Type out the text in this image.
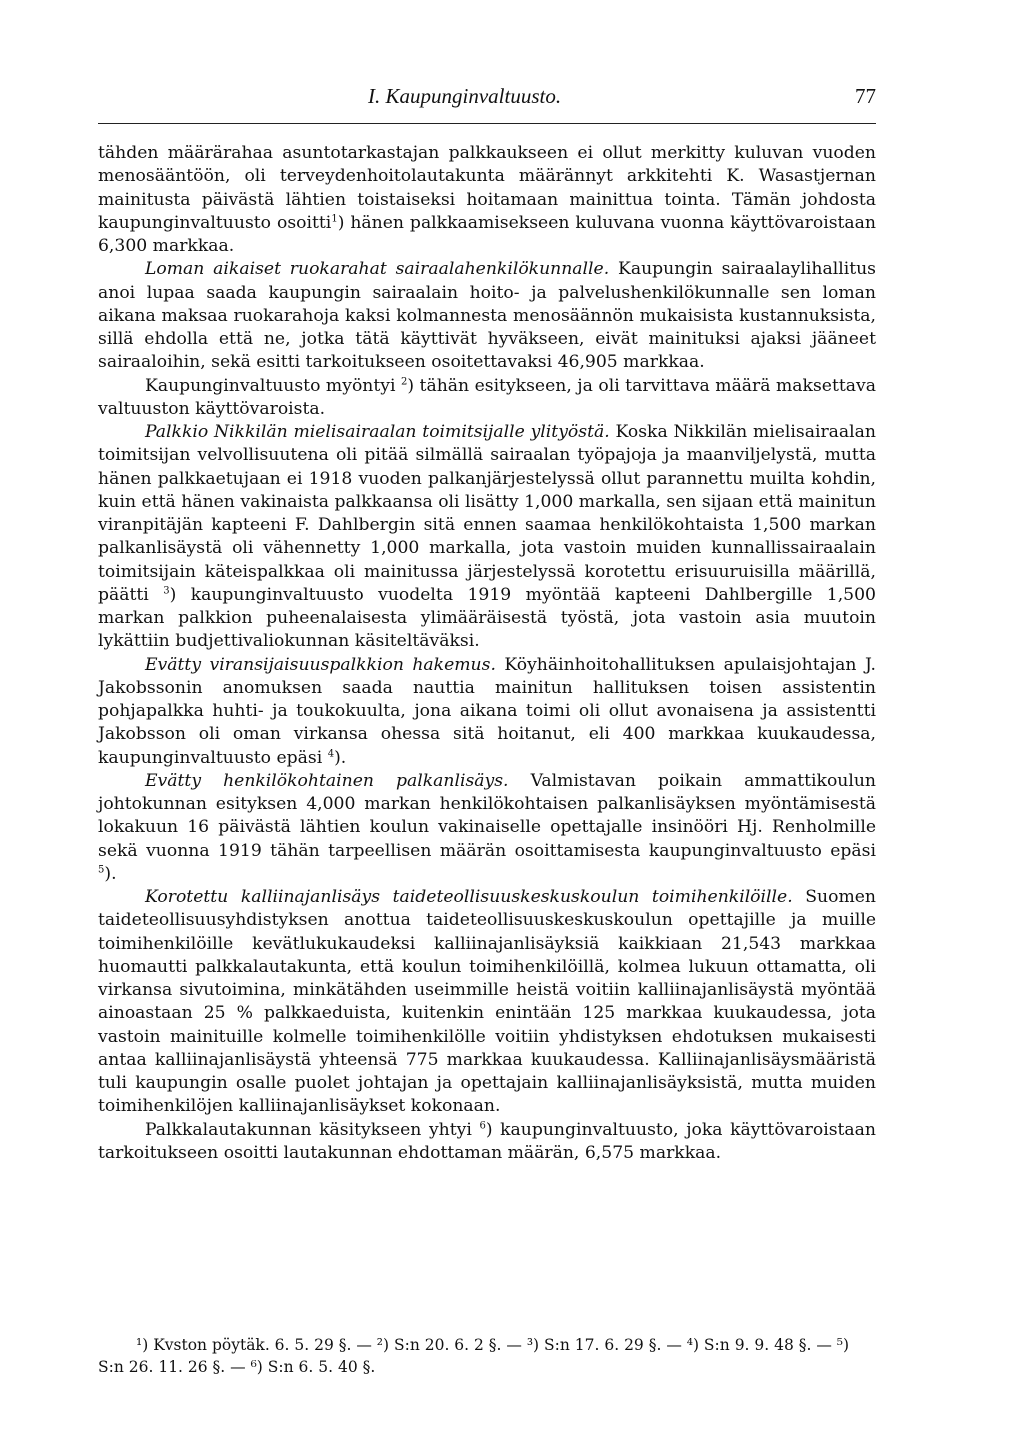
I. Kaupunginvaltuusto.	77

tähden määrärahaa asuntotarkastajan palkkaukseen ei ollut merkitty kuluvan vuoden menosääntöön, oli terveydenhoitolautakunta määrännyt arkkitehti K. Wasastjernan mainitusta päivästä lähtien toistaiseksi hoitamaan mainittua tointa. Tämän johdosta kaupunginvaltuusto osoitti$^1$) hänen palkkaamisekseen kuluvana vuonna käyttövaroistaan 6,300 markkaa.

Loman aikaiset ruokarahat sairaalahenkilökunnalle. Kaupungin sairaalaylihallitus anoi lupaa saada kaupungin sairaalain hoito- ja palvelushenkilökunnalle sen loman aikana maksaa ruokarahoja kaksi kolmannesta menosäännön mukaisista kustannuksista, sillä ehdolla että ne, jotka tätä käyttivät hyväkseen, eivät mainituksi ajaksi jääneet sairaaloihin, sekä esitti tarkoitukseen osoitettavaksi 46,905 markkaa.

Kaupunginvaltuusto myöntyi $^2$) tähän esitykseen, ja oli tarvittava määrä maksettava valtuuston käyttövaroista.

Palkkio Nikkilän mielisairaalan toimitsijalle ylityöstä. Koska Nikkilän mielisairaalan toimitsijan velvollisuutena oli pitää silmällä sairaalan työpajoja ja maanviljelystä, mutta hänen palkkaetujaan ei 1918 vuoden palkanjärjestelyssä ollut parannettu muilta kohdin, kuin että hänen vakinaista palkkaansa oli lisätty 1,000 markalla, sen sijaan että mainitun viranpitäjän kapteeni F. Dahlbergin sitä ennen saamaa henkilökohtaista 1,500 markan palkanlisäystä oli vähennetty 1,000 markalla, jota vastoin muiden kunnallissairaalain toimitsijain käteispalkkaa oli mainitussa järjestelyssä korotettu erisuuruisilla määrillä, päätti $^3$) kaupunginvaltuusto vuodelta 1919 myöntää kapteeni Dahlbergille 1,500 markan palkkion puheenalaisesta ylimääräisestä työstä, jota vastoin asia muutoin lykättiin budjettivaliokunnan käsiteltäväksi.

Evätty viransijaisuuspalkkion hakemus. Köyhäinhoitohallituksen apulaisjohtajan J. Jakobssonin anomuksen saada nauttia mainitun hallituksen toisen assistentin pohjapalkka huhti- ja toukokuulta, jona aikana toimi oli ollut avonaisena ja assistentti Jakobsson oli oman virkansa ohessa sitä hoitanut, eli 400 markkaa kuukaudessa, kaupunginvaltuusto epäsi $^4$).

Evätty henkilökohtainen palkanlisäys. Valmistavan poikain ammattikoulun johtokunnan esityksen 4,000 markan henkilökohtaisen palkanlisäyksen myöntämisestä lokakuun 16 päivästä lähtien koulun vakinaiselle opettajalle insinööri Hj. Renholmille sekä vuonna 1919 tähän tarpeellisen määrän osoittamisesta kaupunginvaltuusto epäsi $^5$).

Korotettu kalliinajanlisäys taideteollisuuskeskuskoulun toimihenkilöille. Suomen taideteollisuusyhdistyksen anottua taideteollisuuskeskuskoulun opettajille ja muille toimihenkilöille kevätlukukaudeksi kalliinajanlisäyksiä kaikkiaan 21,543 markkaa huomautti palkkalautakunta, että koulun toimihenkilöillä, kolmea lukuun ottamatta, oli virkansa sivutoimina, minkätähden useimmille heistä voitiin kalliinajanlisäystä myöntää ainoastaan 25 % palkkaeduista, kuitenkin enintään 125 markkaa kuukaudessa, jota vastoin mainituille kolmelle toimihenkilölle voitiin yhdistyksen ehdotuksen mukaisesti antaa kalliinajanlisäystä yhteensä 775 markkaa kuukaudessa. Kalliinajanlisäysmääristä tuli kaupungin osalle puolet johtajan ja opettajain kalliinajanlisäyksistä, mutta muiden toimihenkilöjen kalliinajanlisäykset kokonaan.

Palkkalautakunnan käsitykseen yhtyi $^6$) kaupunginvaltuusto, joka käyttövaroistaan tarkoitukseen osoitti lautakunnan ehdottaman määrän, 6,575 markkaa.

¹) Kvston pöytäk. 6. 5. 29 §. — ²) S:n 20. 6. 2 §. — ³) S:n 17. 6. 29 §. — ⁴) S:n 9. 9. 48 §. — ⁵) S:n 26. 11. 26 §. — ⁶) S:n 6. 5. 40 §.
